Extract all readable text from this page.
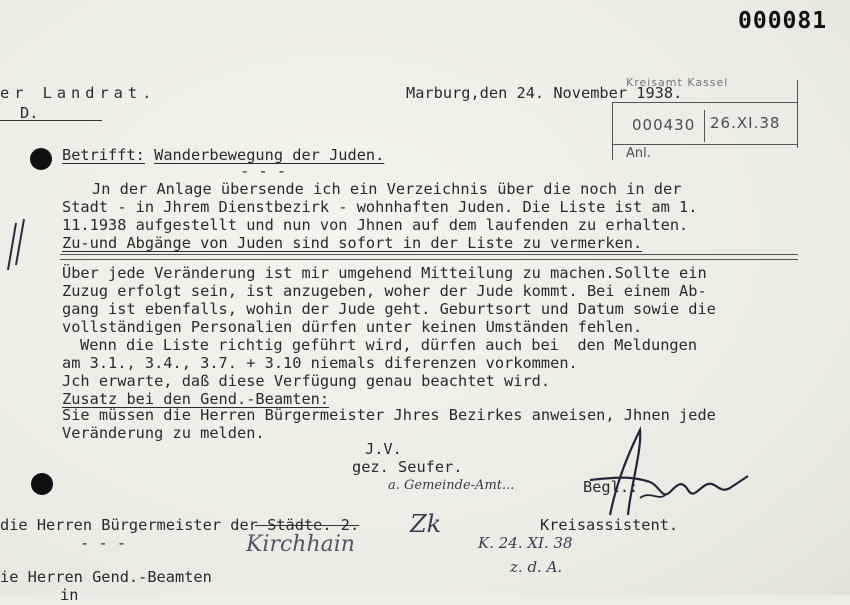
000081
er Landrat.
D.
Marburg,den 24. November 1938.
Kreisamt Kassel
000430 26.XI.38
Anl.
Betrifft: Wanderbewegung der Juden.
- - -
Jn der Anlage übersende ich ein Verzeichnis über die noch in der
Stadt - in Jhrem Dienstbezirk - wohnhaften Juden. Die Liste ist am 1.
11.1938 aufgestellt und nun von Jhnen auf dem laufenden zu erhalten.
Zu-und Abgänge von Juden sind sofort in der Liste zu vermerken.
Über jede Veränderung ist mir umgehend Mitteilung zu machen.Sollte ein
Zuzug erfolgt sein, ist anzugeben, woher der Jude kommt. Bei einem Ab-
gang ist ebenfalls, wohin der Jude geht. Geburtsort und Datum sowie die
vollständigen Personalien dürfen unter keinen Umständen fehlen.
Wenn die Liste richtig geführt wird, dürfen auch bei  den Meldungen
am 3.1., 3.4., 3.7. + 3.10 niemals diferenzen vorkommen.
Jch erwarte, daß diese Verfügung genau beachtet wird.
Zusatz bei den Gend.-Beamten:
Sie müssen die Herren Bürgermeister Jhres Bezirkes anweisen, Jhnen jede
Veränderung zu melden.
J.V.
gez. Seufer.
a. Gemeinde-Amt...	Begl.:
Kreisassistent.
die Herren Bürgermeister der Städte. 2.
- - -
ie Herren Gend.-Beamten
in
Kirchhain
Zk
K. 24. XI. 38
z. d. A.
